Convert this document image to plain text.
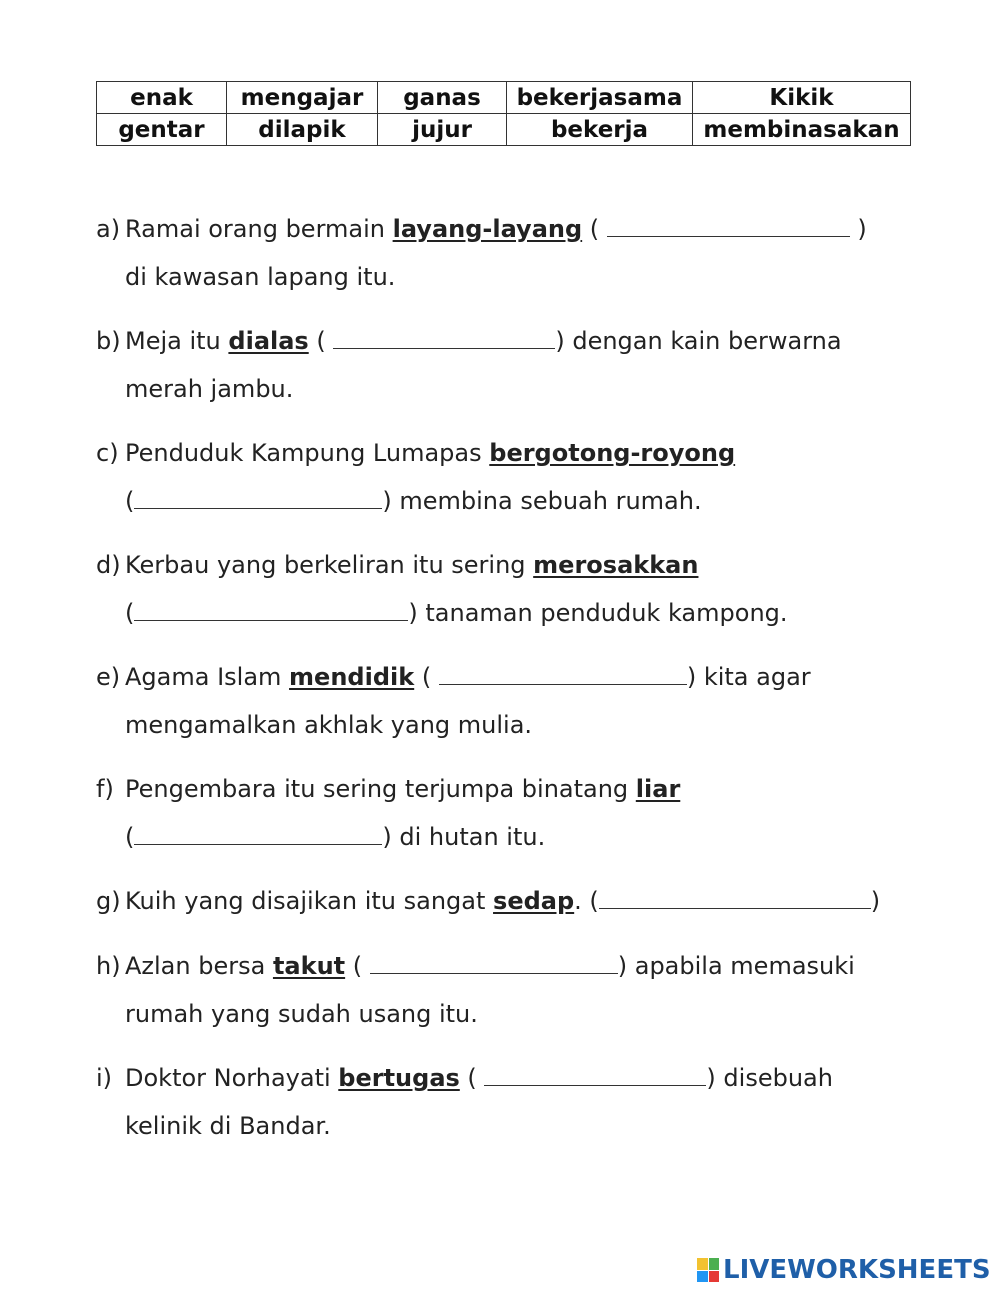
enak	mengajar	ganas	bekerjasama	Kikik
gentar	dilapik	jujur	bekerja	membinasakan
a) Ramai orang bermain layang-layang (	)
di kawasan lapang itu.
b) Meja itu dialas (	) dengan kain berwarna
merah jambu.
c) Penduduk Kampung Lumapas bergotong-royong
(	) membina sebuah rumah.
d) Kerbau yang berkeliran itu sering merosakkan
(	) tanaman penduduk kampong.
e) Agama Islam mendidik (	) kita agar
mengamalkan akhlak yang mulia.
f) Pengembara itu sering terjumpa binatang liar
(	) di hutan itu.
g) Kuih yang disajikan itu sangat sedap. (	)
h) Azlan bersa takut (	) apabila memasuki
rumah yang sudah usang itu.
i) Doktor Norhayati bertugas (	) disebuah
kelinik di Bandar.
LIVEWORKSHEETS
